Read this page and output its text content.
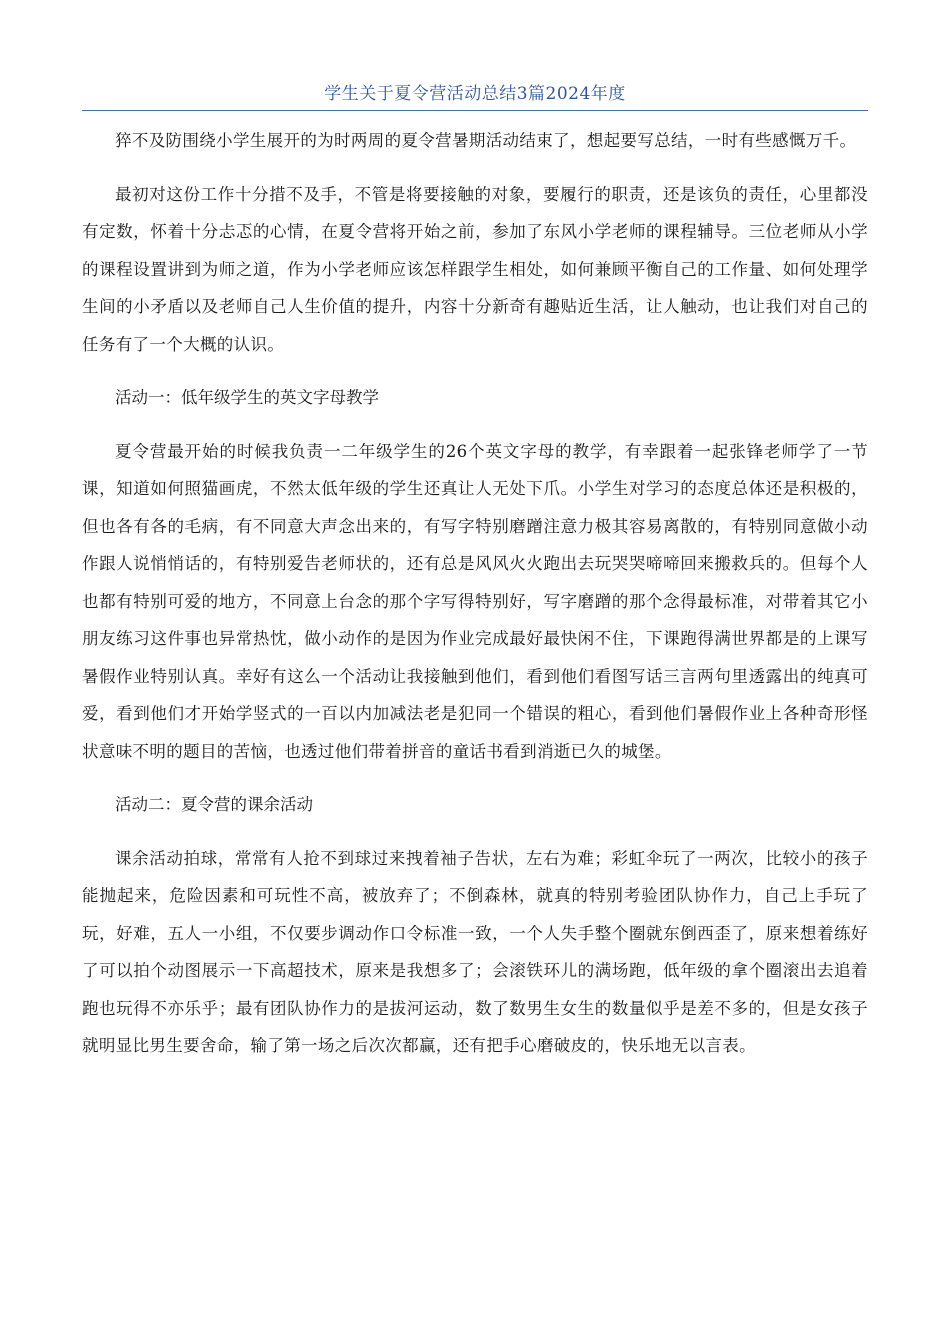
学生关于夏令营活动总结3篇2024年度

猝不及防围绕小学生展开的为时两周的夏令营暑期活动结束了，想起要写总结，一时有些感慨万千。

最初对这份工作十分措不及手，不管是将要接触的对象，要履行的职责，还是该负的责任，心里都没有定数，怀着十分忐忑的心情，在夏令营将开始之前，参加了东风小学老师的课程辅导。三位老师从小学的课程设置讲到为师之道，作为小学老师应该怎样跟学生相处，如何兼顾平衡自己的工作量、如何处理学生间的小矛盾以及老师自己人生价值的提升，内容十分新奇有趣贴近生活，让人触动，也让我们对自己的任务有了一个大概的认识。

活动一：低年级学生的英文字母教学

夏令营最开始的时候我负责一二年级学生的26个英文字母的教学，有幸跟着一起张锋老师学了一节课，知道如何照猫画虎，不然太低年级的学生还真让人无处下爪。小学生对学习的态度总体还是积极的，但也各有各的毛病，有不同意大声念出来的，有写字特别磨蹭注意力极其容易离散的，有特别同意做小动作跟人说悄悄话的，有特别爱告老师状的，还有总是风风火火跑出去玩哭哭啼啼回来搬救兵的。但每个人也都有特别可爱的地方，不同意上台念的那个字写得特别好，写字磨蹭的那个念得最标准，对带着其它小朋友练习这件事也异常热忱，做小动作的是因为作业完成最好最快闲不住，下课跑得满世界都是的上课写暑假作业特别认真。幸好有这么一个活动让我接触到他们，看到他们看图写话三言两句里透露出的纯真可爱，看到他们才开始学竖式的一百以内加减法老是犯同一个错误的粗心，看到他们暑假作业上各种奇形怪状意味不明的题目的苦恼，也透过他们带着拼音的童话书看到消逝已久的城堡。

活动二：夏令营的课余活动

课余活动拍球，常常有人抢不到球过来拽着袖子告状，左右为难；彩虹伞玩了一两次，比较小的孩子能抛起来，危险因素和可玩性不高，被放弃了；不倒森林，就真的特别考验团队协作力，自己上手玩了玩，好难，五人一小组，不仅要步调动作口令标准一致，一个人失手整个圈就东倒西歪了，原来想着练好了可以拍个动图展示一下高超技术，原来是我想多了；会滚铁环儿的满场跑，低年级的拿个圈滚出去追着跑也玩得不亦乐乎；最有团队协作力的是拔河运动，数了数男生女生的数量似乎是差不多的，但是女孩子就明显比男生要舍命，输了第一场之后次次都赢，还有把手心磨破皮的，快乐地无以言表。
